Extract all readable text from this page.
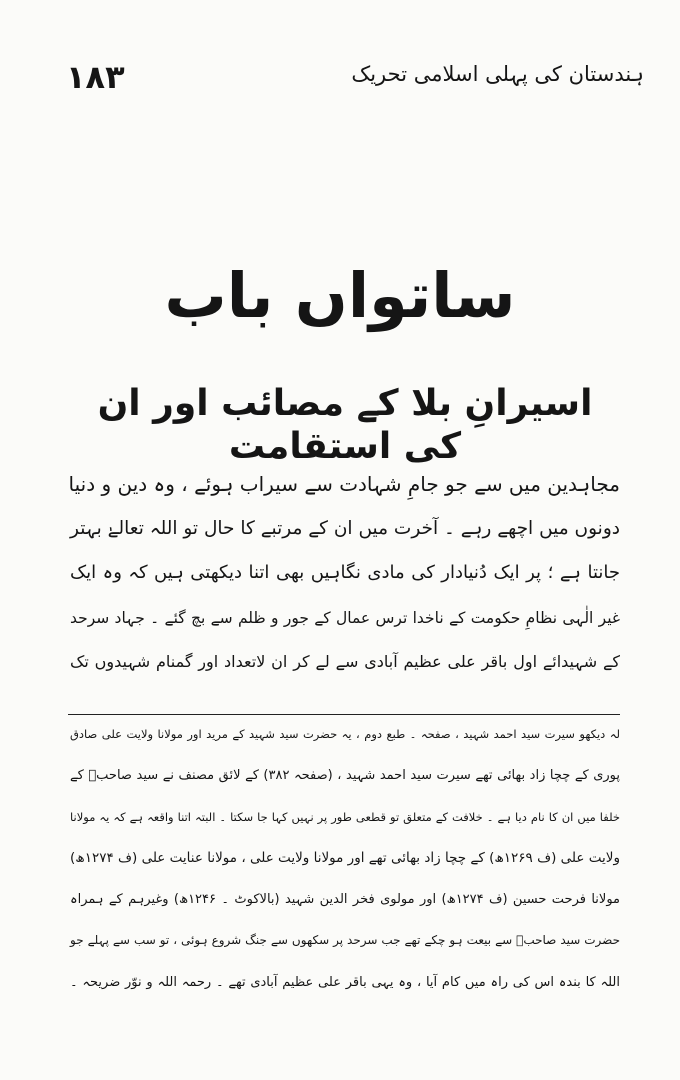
۱۸۳	ہندستان کی پہلی اسلامی تحریک
ساتواں باب
اسیرانِ بلا کے مصائب اور ان کی استقامت
مجاہدین میں سے جو جامِ شہادت سے سیراب ہوئے ، وہ دین و دنیا
دونوں میں اچھے رہے ۔ آخرت میں ان کے مرتبے کا حال تو اللہ تعالےٰ بہتر
جانتا ہے ؛ پر ایک دُنیادار کی مادی نگاہیں بھی اتنا دیکھتی ہیں کہ وہ ایک
غیر الٰہی نظامِ حکومت کے ناخدا ترس عمال کے جور و ظلم سے بچ گئے ۔ جہاد سرحد
کے شہیدائے اول باقر علی عظیم آبادی سے لے کر ان لاتعداد اور گمنام شہیدوں تک
لہ دیکھو سیرت سید احمد شہید ، صفحہ ۔ طبع دوم ، یہ حضرت سید شہید کے مرید اور مولانا ولایت علی صادق
پوری کے چچا زاد بھائی تھے سیرت سید احمد شہید ، (صفحہ ۳۸۲) کے لائق مصنف نے سید صاحبؒ کے
خلفا میں ان کا نام دیا ہے ۔ خلافت کے متعلق تو قطعی طور پر نہیں کہا جا سکتا ۔ البتہ اتنا واقعہ ہے کہ یہ مولانا
ولایت علی (ف ۱۲۶۹ھ) کے چچا زاد بھائی تھے اور مولانا ولایت علی ، مولانا عنایت علی (ف ۱۲۷۴ھ)
مولانا فرحت حسین (ف ۱۲۷۴ھ) اور مولوی فخر الدین شہید (بالاکوٹ ۔ ۱۲۴۶ھ) وغیرہم کے ہمراہ
حضرت سید صاحبؒ سے بیعت ہو چکے تھے جب سرحد پر سکھوں سے جنگ شروع ہوئی ، تو سب سے پہلے جو
اللہ کا بندہ اس کی راہ میں کام آیا ، وہ یہی باقر علی عظیم آبادی تھے ۔ رحمہ اللہ و نوّر ضریحہ ۔
